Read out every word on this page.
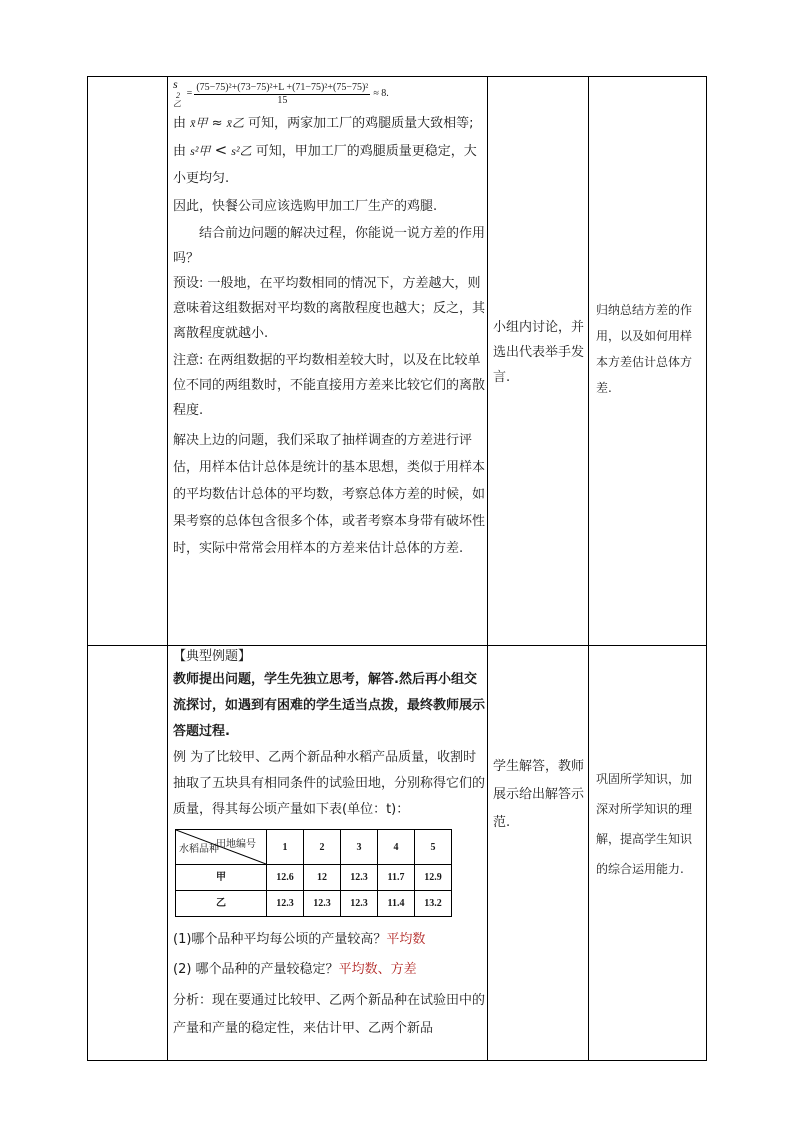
$s_乙^2 = \frac{\text{(75−75)²+(73−75)²+L +(71−75)²+(75−75)²}}{15} \approx 8$.

由 x̄甲 ≈ x̄乙 可知，两家加工厂的鸡腿质量大致相等;

由 s²甲 < s²乙 可知，甲加工厂的鸡腿质量更稳定，大小更均匀.

因此，快餐公司应该选购甲加工厂生产的鸡腿.

结合前边问题的解决过程，你能说一说方差的作用吗？

预设: 一般地，在平均数相同的情况下，方差越大，则意味着这组数据对平均数的离散程度也越大；反之，其离散程度就越小.

注意: 在两组数据的平均数相差较大时，以及在比较单位不同的两组数时，不能直接用方差来比较它们的离散程度.

解决上边的问题，我们采取了抽样调查的方差进行评估，用样本估计总体是统计的基本思想，类似于用样本的平均数估计总体的平均数，考察总体方差的时候，如果考察的总体包含很多个体，或者考察本身带有破坏性时，实际中常常会用样本的方差来估计总体的方差.

小组内讨论，并选出代表举手发言.
归纳总结方差的作用，以及如何用样本方差估计总体方差.

【典型例题】

教师提出问题，学生先独立思考，解答.然后再小组交流探讨，如遇到有困难的学生适当点拨，最终教师展示答题过程.

例 为了比较甲、乙两个新品种水稻产品质量，收割时抽取了五块具有相同条件的试验田地，分别称得它们的质量，得其每公顷产量如下表(单位：t)：

田地编号
水稻品种	1	2	3	4	5
甲	12.6	12	12.3	11.7	12.9
乙	12.3	12.3	12.3	11.4	13.2

(1)哪个品种平均每公顷的产量较高？平均数

(2) 哪个品种的产量较稳定？平均数、方差

分析：现在要通过比较甲、乙两个新品种在试验田中的产量和产量的稳定性，来估计甲、乙两个新品

学生解答，教师展示给出解答示范.
巩固所学知识，加深对所学知识的理解，提高学生知识的综合运用能力.
